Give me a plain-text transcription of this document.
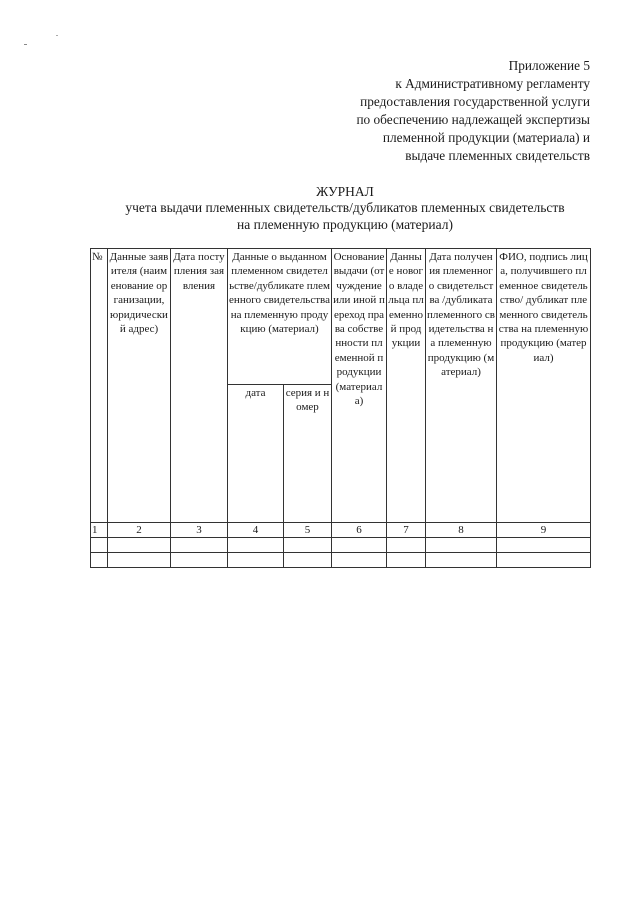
Приложение 5
к Административному регламенту
предоставления государственной услуги
по обеспечению надлежащей экспертизы
племенной продукции (материала) и
выдаче племенных свидетельств
ЖУРНАЛ
учета выдачи племенных свидетельств/дубликатов племенных свидетельств
на племенную продукцию (материал)
№	Данные заявителя (наименование организации, юридический адрес)	Дата поступления заявления	Данные о выданном племенном свидетельстве/дубликате племенного свидетельства на племенную продукцию (материал)		Основание выдачи (отчуждение или иной переход права собственности племенной продукции (материала)	Данные нового владельца племенной продукции	Дата получения племенного свидетельства /дубликата племенного свидетельства на племенную продукцию (материал)	ФИО, подпись лица, получившего племенное свидетельство/ дубликат племенного свидетельства на племенную продукцию (материал)
			дата	серия и номер				
1	2	3	4	5	6	7	8	9
